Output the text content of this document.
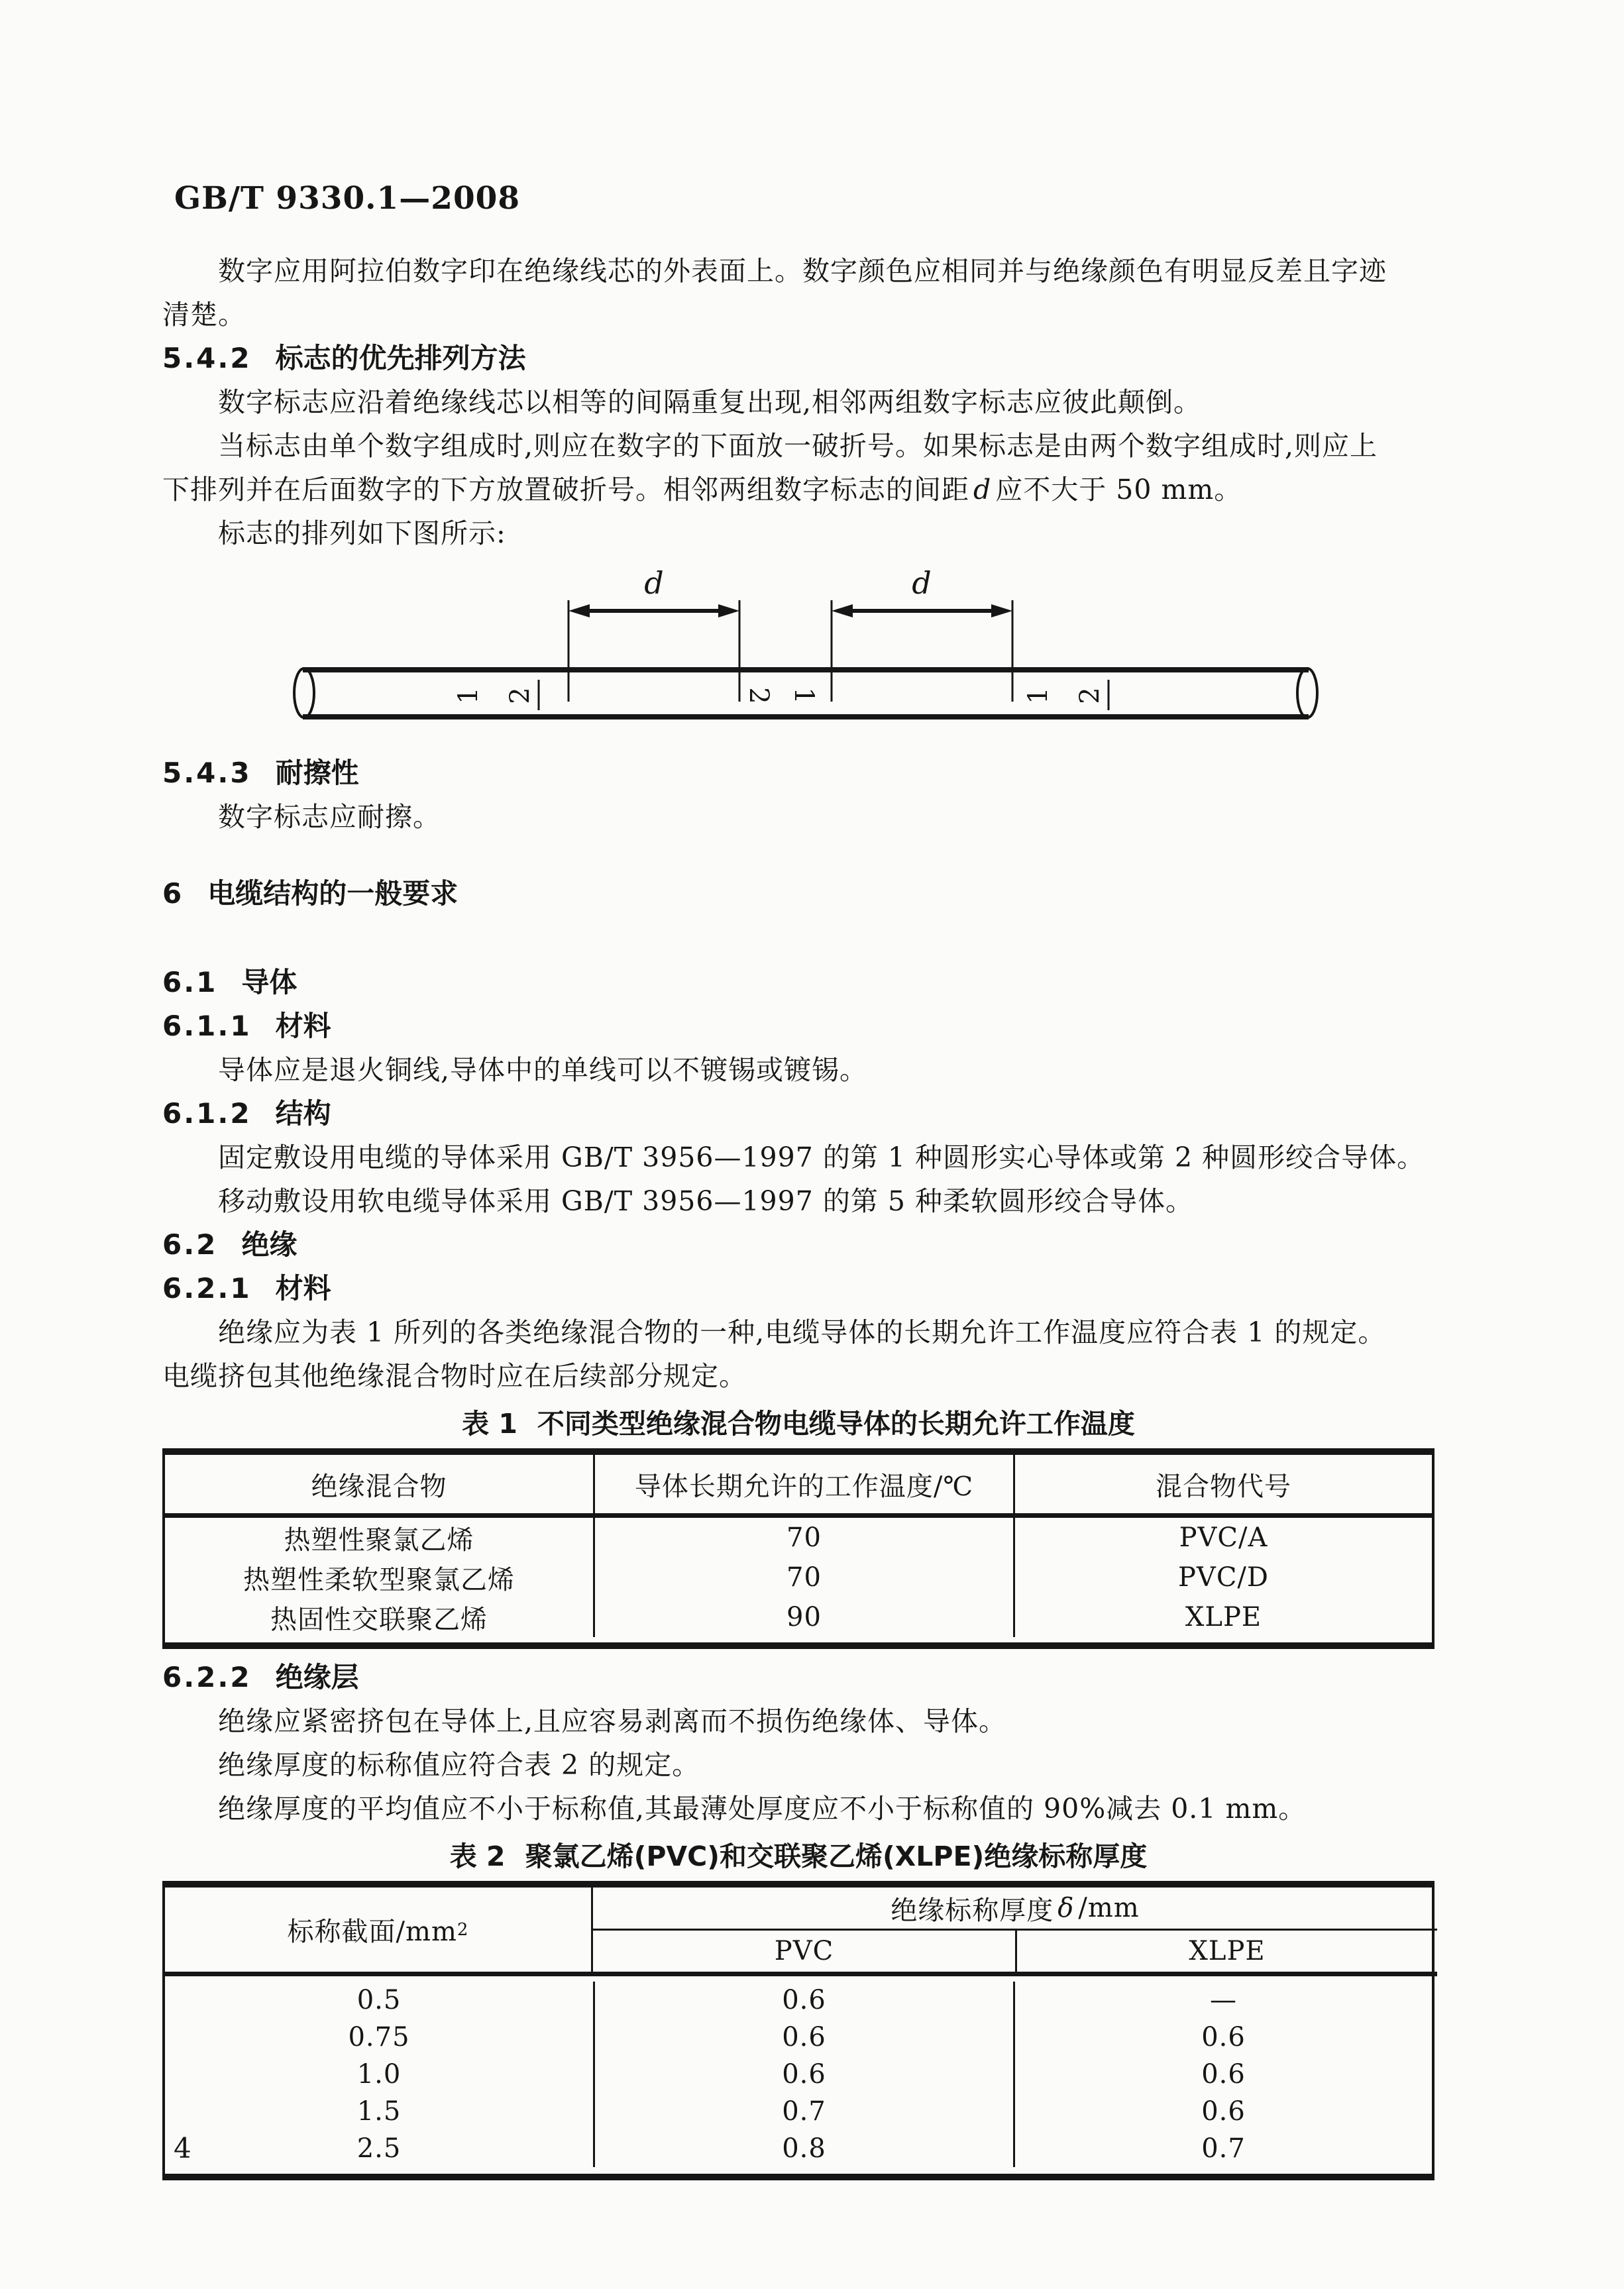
GB/T 9330.1—2008
数字应用阿拉伯数字印在绝缘线芯的外表面上。数字颜色应相同并与绝缘颜色有明显反差且字迹
清楚。
5.4.2 标志的优先排列方法
数字标志应沿着绝缘线芯以相等的间隔重复出现,相邻两组数字标志应彼此颠倒。
当标志由单个数字组成时,则应在数字的下面放一破折号。如果标志是由两个数字组成时,则应上
下排列并在后面数字的下方放置破折号。相邻两组数字标志的间距 d 应不大于 50 mm。
标志的排列如下图所示:
d	d
1 2	2 1	1 2
5.4.3 耐擦性
数字标志应耐擦。
6 电缆结构的一般要求
6.1 导体
6.1.1 材料
导体应是退火铜线,导体中的单线可以不镀锡或镀锡。
6.1.2 结构
固定敷设用电缆的导体采用 GB/T 3956—1997 的第 1 种圆形实心导体或第 2 种圆形绞合导体。
移动敷设用软电缆导体采用 GB/T 3956—1997 的第 5 种柔软圆形绞合导体。
6.2 绝缘
6.2.1 材料
绝缘应为表 1 所列的各类绝缘混合物的一种,电缆导体的长期允许工作温度应符合表 1 的规定。
电缆挤包其他绝缘混合物时应在后续部分规定。
表 1 不同类型绝缘混合物电缆导体的长期允许工作温度
绝缘混合物	导体长期允许的工作温度/℃	混合物代号
热塑性聚氯乙烯	70	PVC/A
热塑性柔软型聚氯乙烯	70	PVC/D
热固性交联聚乙烯	90	XLPE
6.2.2 绝缘层
绝缘应紧密挤包在导体上,且应容易剥离而不损伤绝缘体、导体。
绝缘厚度的标称值应符合表 2 的规定。
绝缘厚度的平均值应不小于标称值,其最薄处厚度应不小于标称值的 90%减去 0.1 mm。
表 2 聚氯乙烯(PVC)和交联聚乙烯(XLPE)绝缘标称厚度
标称截面/mm 2
绝缘标称厚度 δ /mm
PVC	XLPE
0.5	0.6	—
0.75	0.6	0.6
1.0	0.6	0.6
1.5	0.7	0.6
2.5	0.8	0.7
4
